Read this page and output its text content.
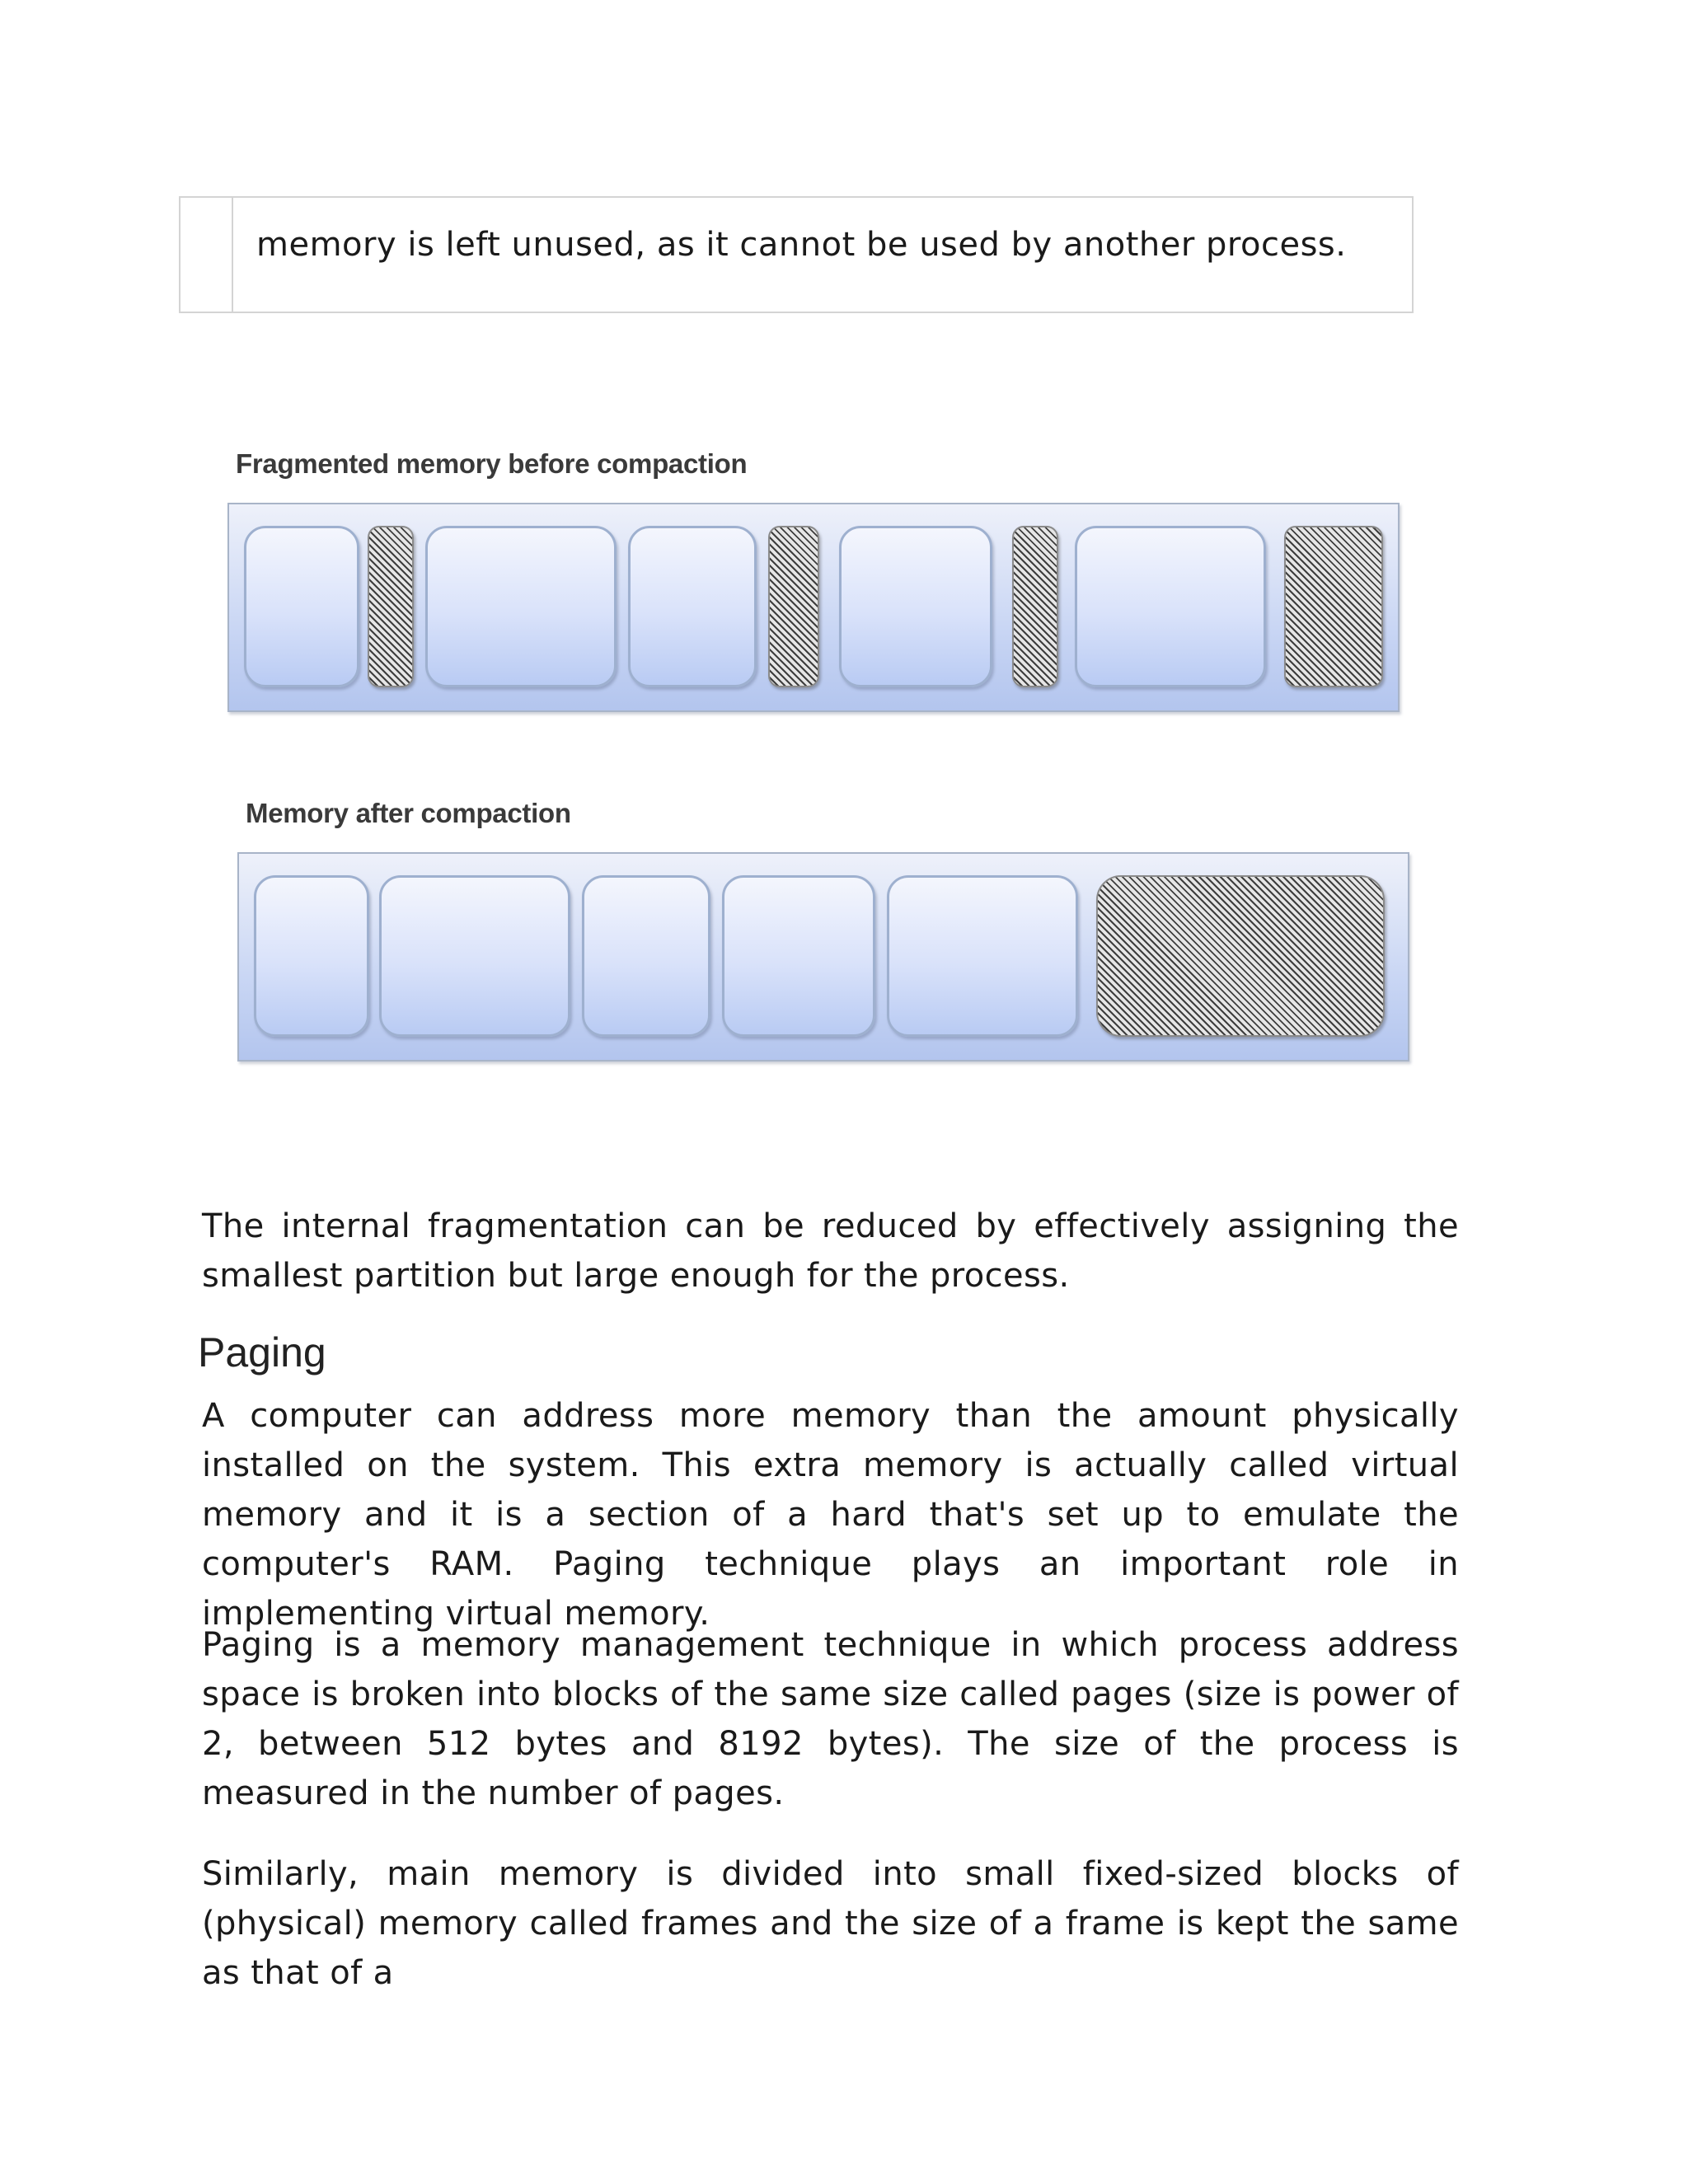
memory is left unused, as it cannot be used by another process.
Fragmented memory before compaction
Memory after compaction
The internal fragmentation can be reduced by effectively assigning the smallest partition but large enough for the process.
Paging
A computer can address more memory than the amount physically installed on the system. This extra memory is actually called virtual memory and it is a section of a hard that's set up to emulate the computer's RAM. Paging technique plays an important role in implementing virtual memory.
Paging is a memory management technique in which process address space is broken into blocks of the same size called pages (size is power of 2, between 512 bytes and 8192 bytes). The size of the process is measured in the number of pages.
Similarly, main memory is divided into small fixed-sized blocks of (physical) memory called frames and the size of a frame is kept the same as that of a
